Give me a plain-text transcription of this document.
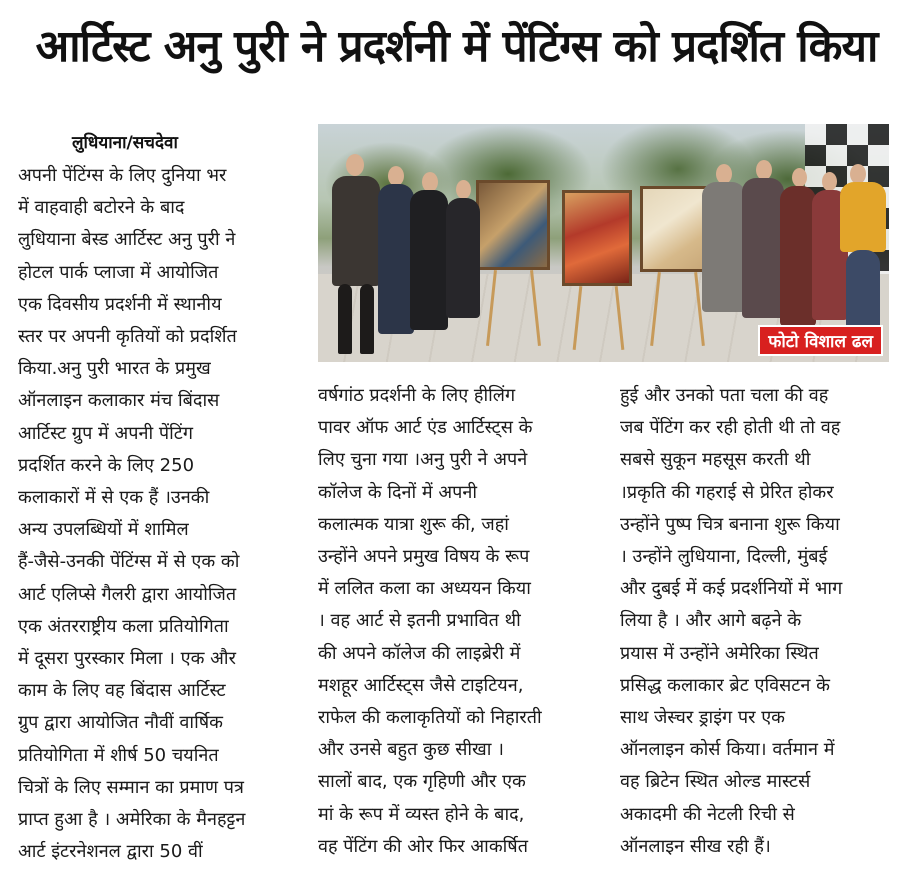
आर्टिस्ट अनु पुरी ने प्रदर्शनी में पेंटिंग्स को प्रदर्शित किया
लुधियाना/सचदेवा
अपनी पेंटिंग्स के लिए दुनिया भर
में वाहवाही बटोरने के बाद
लुधियाना बेस्ड आर्टिस्ट अनु पुरी ने
होटल पार्क प्लाजा में आयोजित
एक दिवसीय प्रदर्शनी में स्थानीय
स्तर पर अपनी कृतियों को प्रदर्शित
किया.अनु पुरी भारत के प्रमुख
ऑनलाइन कलाकार मंच बिंदास
आर्टिस्ट ग्रुप में अपनी पेंटिंग
प्रदर्शित करने के लिए 250
कलाकारों में से एक हैं ।उनकी
अन्य उपलब्धियों में शामिल
हैं-जैसे-उनकी पेंटिंग्स में से एक को
आर्ट एलिप्से गैलरी द्वारा आयोजित
एक अंतरराष्ट्रीय कला प्रतियोगिता
में दूसरा पुरस्कार मिला । एक और
काम के लिए वह बिंदास आर्टिस्ट
ग्रुप द्वारा आयोजित नौवीं वार्षिक
प्रतियोगिता में शीर्ष 50 चयनित
चित्रों के लिए सम्मान का प्रमाण पत्र
प्राप्त हुआ है । अमेरिका के मैनहट्टन
आर्ट इंटरनेशनल द्वारा 50 वीं
फोटो विशाल ढल
वर्षगांठ प्रदर्शनी के लिए हीलिंग
पावर ऑफ आर्ट एंड आर्टिस्ट्स के
लिए चुना गया ।अनु पुरी ने अपने
कॉलेज के दिनों में अपनी
कलात्मक यात्रा शुरू की, जहां
उन्होंने अपने प्रमुख विषय के रूप
में ललित कला का अध्ययन किया
। वह आर्ट से इतनी प्रभावित थी
की अपने कॉलेज की लाइब्रेरी में
मशहूर आर्टिस्ट्स जैसे टाइटियन,
राफेल की कलाकृतियों को निहारती
और उनसे बहुत कुछ सीखा ।
सालों बाद, एक गृहिणी और एक
मां के रूप में व्यस्त होने के बाद,
वह पेंटिंग की ओर फिर आकर्षित
हुई और उनको पता चला की वह
जब पेंटिंग कर रही होती थी तो वह
सबसे सुकून महसूस करती थी
।प्रकृति की गहराई से प्रेरित होकर
उन्होंने पुष्प चित्र बनाना शुरू किया
। उन्होंने लुधियाना, दिल्ली, मुंबई
और दुबई में कई प्रदर्शनियों में भाग
लिया है । और आगे बढ़ने के
प्रयास में उन्होंने अमेरिका स्थित
प्रसिद्ध कलाकार ब्रेट एविसटन के
साथ जेस्चर ड्राइंग पर एक
ऑनलाइन कोर्स किया। वर्तमान में
वह ब्रिटेन स्थित ओल्ड मास्टर्स
अकादमी की नेटली रिची से
ऑनलाइन सीख रही हैं।
